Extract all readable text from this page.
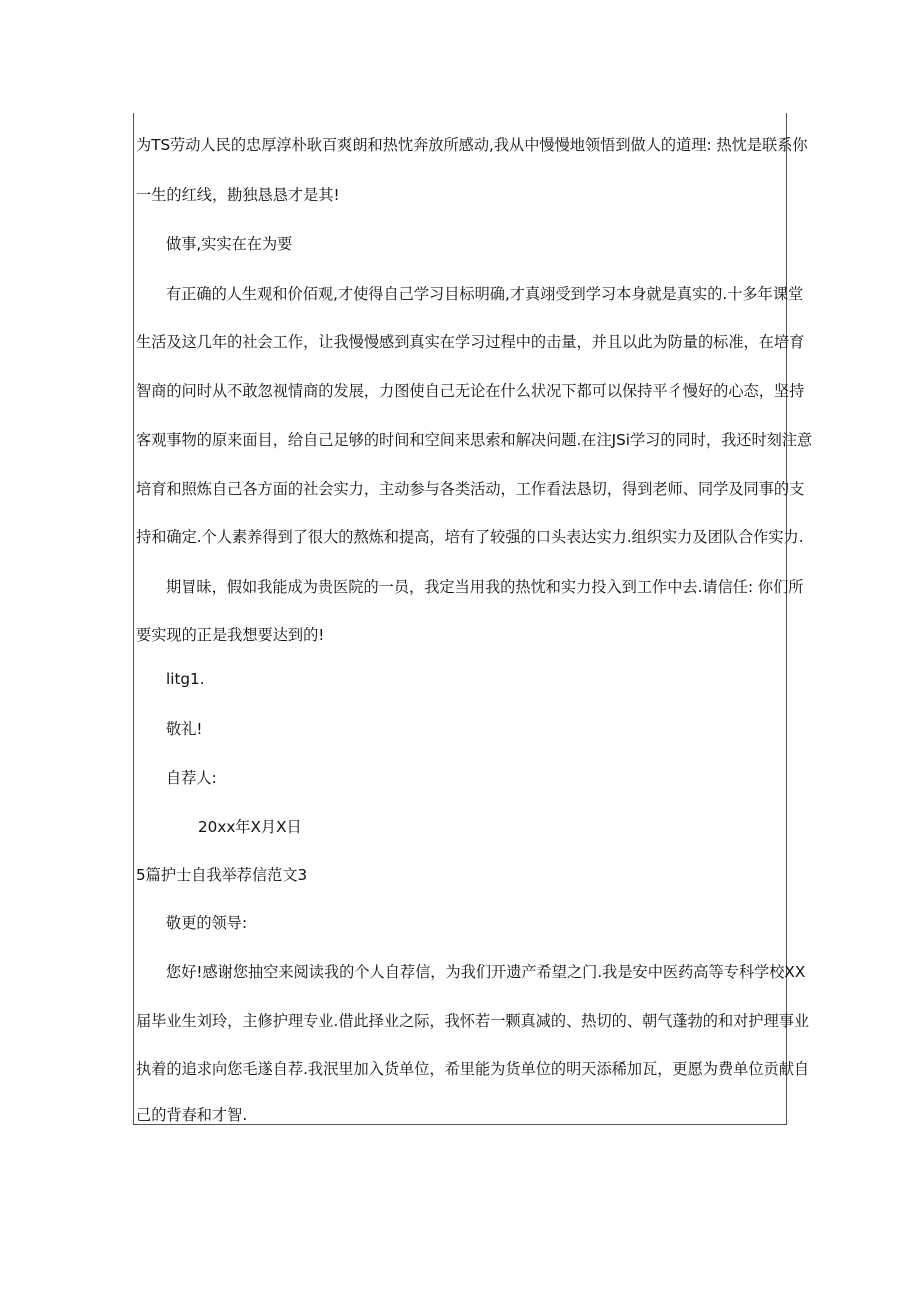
为TS劳动人民的忠厚淳朴耿百爽朗和热忱奔放所感动,我从中慢慢地领悟到做人的道理: 热忱是联系你
一生的红线，勘独恳恳才是其!
做事,实实在在为要
有正确的人生观和价佰观,才使得自己学习目标明确,才真翊受到学习本身就是真实的.十多年课堂
生活及这几年的社会工作，让我慢慢感到真实在学习过程中的击量，并且以此为防量的标准，在培育
智商的问时从不敢忽视情商的发展，力图使自己无论在什么状况下都可以保持平彳慢好的心态，坚持
客观事物的原来面目，给自己足够的时间和空间来思索和解决问题.在注JSi学习的同时，我还时刻注意
培育和照炼自己各方面的社会实力，主动参与各类活动，工作看法恳切，得到老师、同学及同事的支
持和确定.个人素养得到了很大的熬炼和提高，培有了较强的口头表达实力.组织实力及团队合作实力.
期冒昧，假如我能成为贵医院的一员，我定当用我的热忱和实力投入到工作中去.请信任: 你们所
要实现的正是我想要达到的!
litg1.
敬礼!
自荐人:
20xx年X月X日
5篇护士自我举荐信范文3
敬更的领导:
您好!感谢您抽空来阅读我的个人自荐信，为我们开遗产希望之门.我是安中医药高等专科学校XX
届毕业生刘玲，主修护理专业.借此择业之际，我怀若一颗真减的、热切的、朝气蓬勃的和对护理事业
执着的追求向您毛遂自荐.我泯里加入货单位，希里能为货单位的明天添稀加瓦，更愿为费单位贡献自
己的背春和才智.
